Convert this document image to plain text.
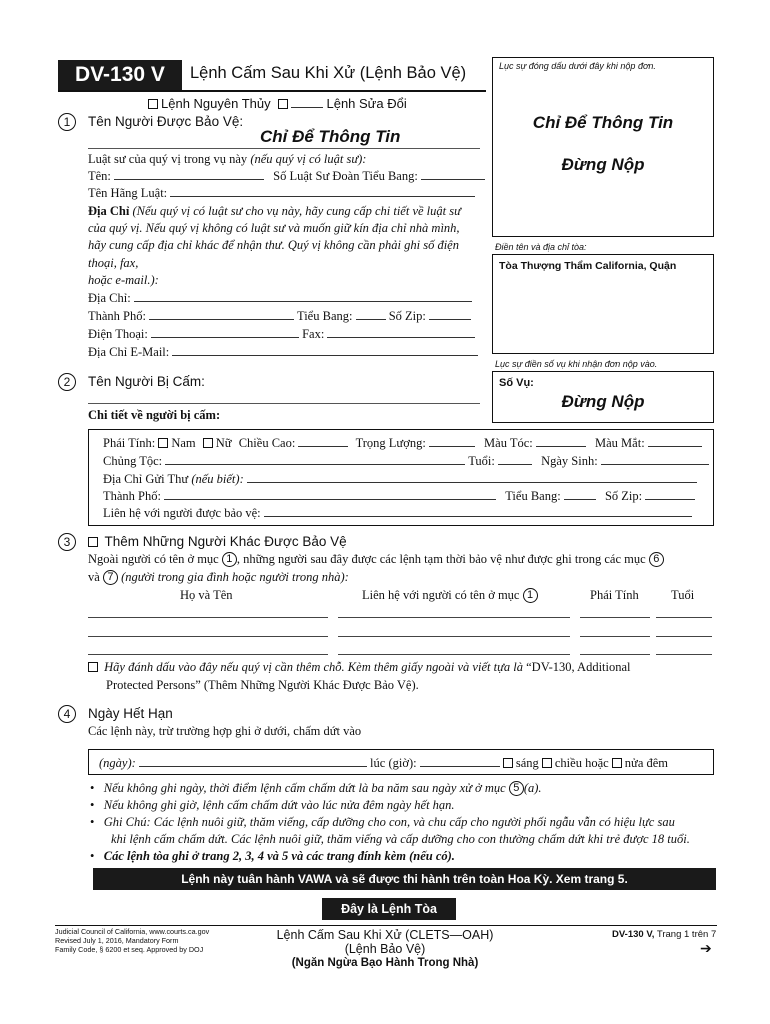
DV-130 V	Lệnh Cấm Sau Khi Xử (Lệnh Bảo Vệ)
Lệnh Nguyên Thủy	Lệnh Sửa Đổi
Lục sự đóng dấu dưới đây khi nộp đơn.
Chỉ Để Thông Tin
Đừng Nộp
Điền tên và địa chỉ tòa:
Tòa Thượng Thẩm California, Quận
Lục sự điền số vụ khi nhận đơn nộp vào.
Số Vụ:
Đừng Nộp
1	Tên Người Được Bảo Vệ:
Chỉ Để Thông Tin
Luật sư của quý vị trong vụ này (nếu quý vị có luật sư):
Tên:	Số Luật Sư Đoàn Tiểu Bang:
Tên Hãng Luật:
Địa Chỉ (Nếu quý vị có luật sư cho vụ này, hãy cung cấp chi tiết về luật sư
của quý vị. Nếu quý vị không có luật sư và muốn giữ kín địa chỉ nhà mình,
hãy cung cấp địa chỉ khác để nhận thư. Quý vị không cần phải ghi số điện
thoại, fax,
hoặc e-mail.):
Địa Chỉ:
Thành Phố:	Tiểu Bang:	Số Zip:
Điện Thoại:	Fax:
Địa Chỉ E-Mail:
2	Tên Người Bị Cấm:
Chi tiết về người bị cấm:
Phái Tính: Nam Nữ Chiều Cao:	Trọng Lượng:	Màu Tóc:	Màu Mắt:
Chủng Tộc:	Tuổi:	Ngày Sinh:
Địa Chỉ Gửi Thư (nếu biết):
Thành Phố:	Tiểu Bang:	Số Zip:
Liên hệ với người được bảo vệ:
3	Thêm Những Người Khác Được Bảo Vệ
Ngoài người có tên ở mục 1 , những người sau đây được các lệnh tạm thời bảo vệ như được ghi trong các mục 6
và 7 (người trong gia đình hoặc người trong nhà):
Họ và Tên	Liên hệ với người có tên ở mục 1	Phái Tính	Tuổi
Hãy đánh dấu vào đây nếu quý vị cần thêm chỗ. Kèm thêm giấy ngoài và viết tựa là “DV-130, Additional
Protected Persons” (Thêm Những Người Khác Được Bảo Vệ).
4	Ngày Hết Hạn
Các lệnh này, trừ trường hợp ghi ở dưới, chấm dứt vào
(ngày):	lúc (giờ):	sáng chiều hoặc nửa đêm
•   Nếu không ghi ngày, thời điểm lệnh cấm chấm dứt là ba năm sau ngày xử ở mục 5 (a).
•   Nếu không ghi giờ, lệnh cấm chấm dứt vào lúc nửa đêm ngày hết hạn.
•   Ghi Chú: Các lệnh nuôi giữ, thăm viếng, cấp dưỡng cho con, và chu cấp cho người phối ngẫu vẫn có hiệu lực sau
khi lệnh cấm chấm dứt. Các lệnh nuôi giữ, thăm viếng và cấp dưỡng cho con thường chấm dứt khi trẻ được 18 tuổi.
•   Các lệnh tòa ghi ở trang 2, 3, 4 và 5 và các trang đính kèm (nếu có).
Lệnh này tuân hành VAWA và sẽ được thi hành trên toàn Hoa Kỳ. Xem trang 5.
Đây là Lệnh Tòa
Judicial Council of California, www.courts.ca.gov
Revised July 1, 2016, Mandatory Form
Family Code, § 6200 et seq. Approved by DOJ
Lệnh Cấm Sau Khi Xử (CLETS—OAH)
(Lệnh Bảo Vệ)
(Ngăn Ngừa Bạo Hành Trong Nhà)
DV-130 V, Trang 1 trên 7
➔
